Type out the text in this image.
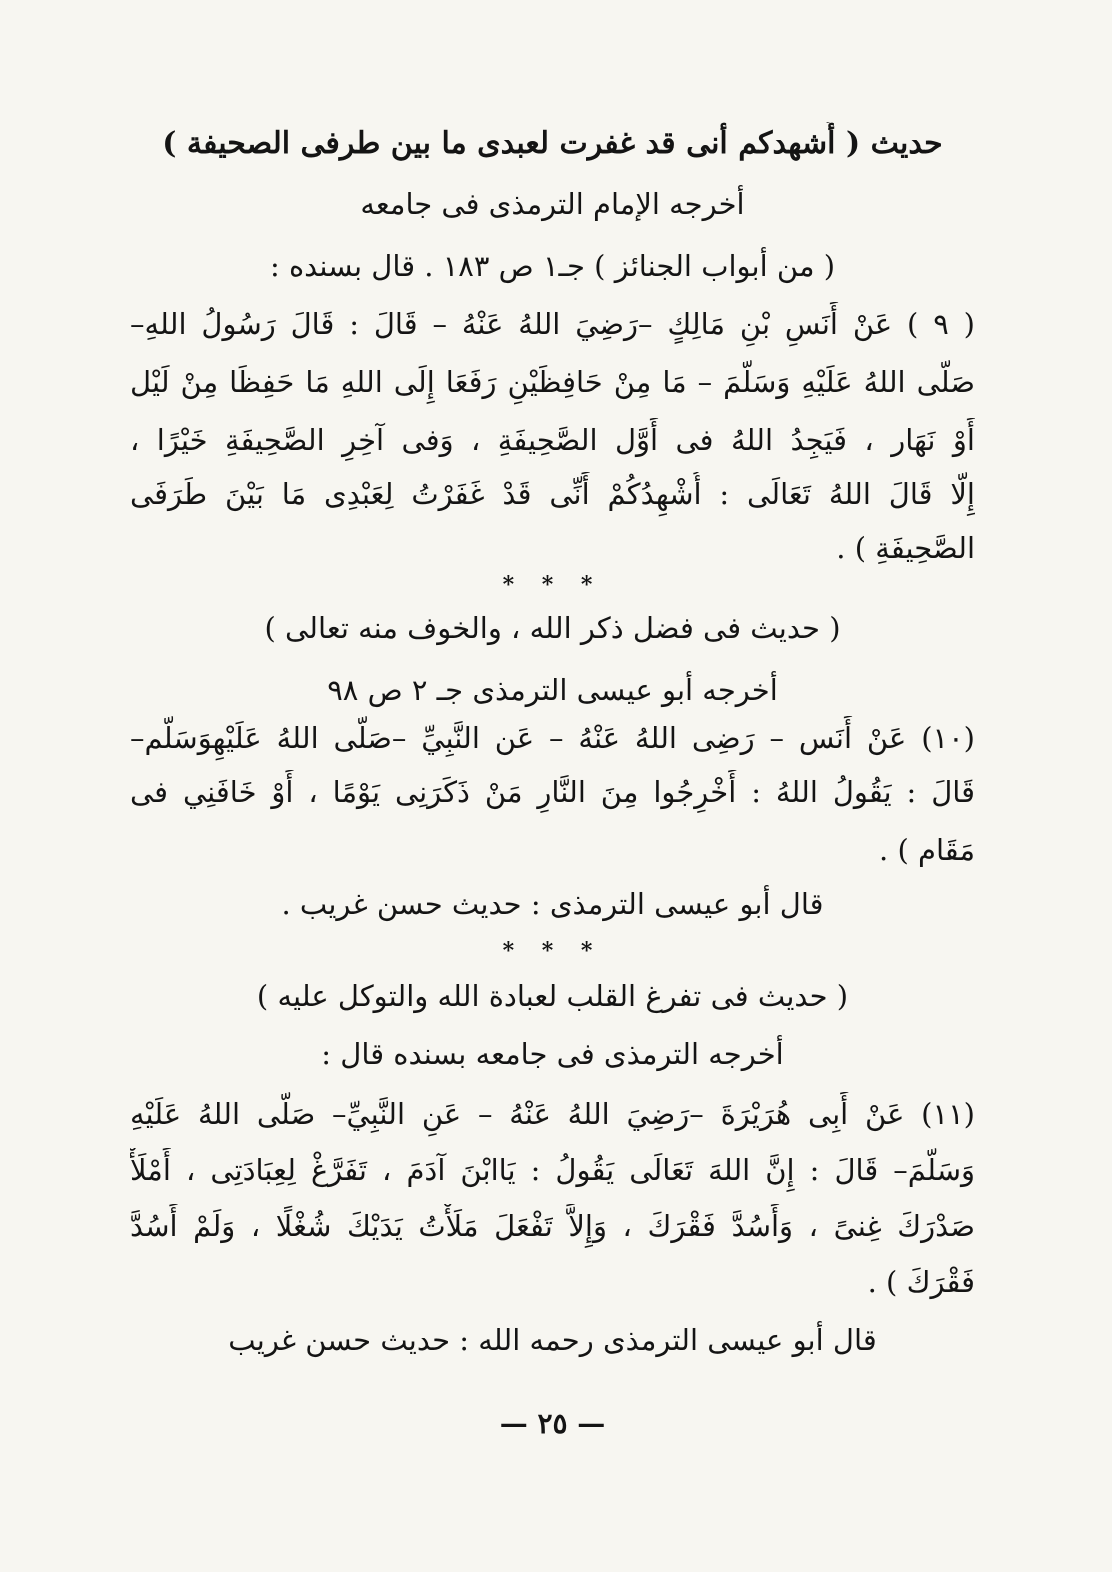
حديث ( أُشهدكم أنى قد غفرت لعبدى ما بين طرفى الصحيفة )
أخرجه الإمام الترمذى فى جامعه
( من أبواب الجنائز ) جـ١ ص ١٨٣ . قال بسنده :
( ٩ ) عَنْ أَنَسِ بْنِ مَالِكٍ –رَضِيَ اللهُ عَنْهُ – قَالَ : قَالَ رَسُولُ اللهِ–
صَلَّى اللهُ عَلَيْهِ وَسَلَّمَ – مَا مِنْ حَافِظَيْنِ رَفَعَا إِلَى اللهِ مَا حَفِظَا مِنْ لَيْل
أَوْ نَهَار ، فَيَجِدُ اللهُ فى أَوَّل الصَّحِيفَةِ ، وَفى آخِرِ الصَّحِيفَةِ خَيْرًا ،
إِلَّا قَالَ اللهُ تَعَالَى : أُشْهِدُكُمْ أَنِّى قَدْ غَفَرْتُ لِعَبْدِى مَا بَيْنَ طَرَفَى
الصَّحِيفَةِ ) .
* * *
( حديث فى فضل ذكر الله ، والخوف منه تعالى )
أخرجه أبو عيسى الترمذى جـ ٢ ص ٩٨
(١٠) عَنْ أَنَس – رَضِى اللهُ عَنْهُ – عَن النَّبِيِّ –صَلَّى اللهُ عَلَيْهِوَسَلَّم–
قَالَ : يَقُولُ اللهُ : أَخْرِجُوا مِنَ النَّارِ مَنْ ذَكَرَنِى يَوْمًا ، أَوْ خَافَنِي فى
مَقَام ) .
قال أبو عيسى الترمذى : حديث حسن غريب .
* * *
( حديث فى تفرغ القلب لعبادة الله والتوكل عليه )
أخرجه الترمذى فى جامعه بسنده قال :
(١١) عَنْ أَبِى هُرَيْرَةَ –رَضِيَ اللهُ عَنْهُ – عَنِ النَّبِيِّ– صَلَّى اللهُ عَلَيْهِ
وَسَلَّمَ– قَالَ : إِنَّ اللهَ تَعَالَى يَقُولُ : يَاابْنَ آدَمَ ، تَفَرَّغْ لِعِبَادَتِى ، أَمْلَأْ
صَدْرَكَ غِنىً ، وَأَسُدَّ فَقْرَكَ ، وَإِلاَّ تَفْعَلَ مَلَأْتُ يَدَيْكَ شُغْلًا ، وَلَمْ أَسُدَّ
فَقْرَكَ ) .
قال أبو عيسى الترمذى رحمه الله : حديث حسن غريب
— ٢٥ —
